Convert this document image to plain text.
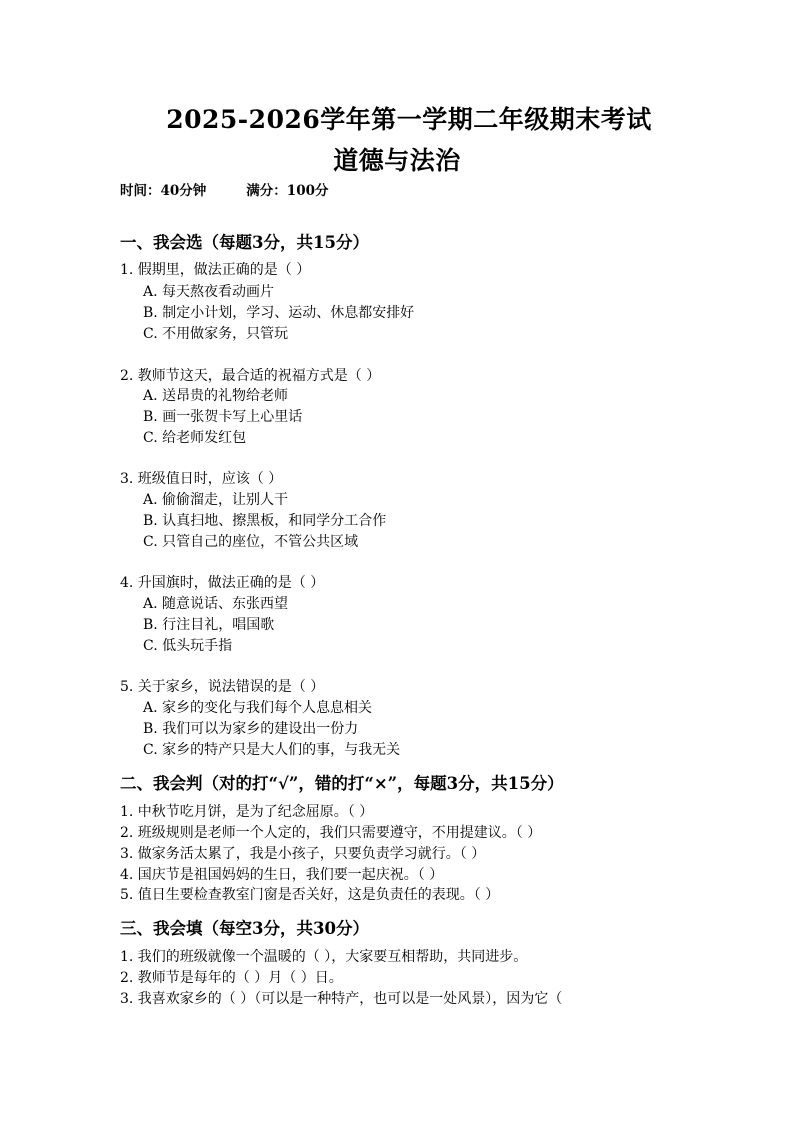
2025-2026学年第一学期二年级期末考试
道德与法治
时间：40分钟	满分：100分
一、我会选（每题3分，共15分）
1. 假期里，做法正确的是（ ）
A. 每天熬夜看动画片
B. 制定小计划，学习、运动、休息都安排好
C. 不用做家务，只管玩
2. 教师节这天，最合适的祝福方式是（ ）
A. 送昂贵的礼物给老师
B. 画一张贺卡写上心里话
C. 给老师发红包
3. 班级值日时，应该（ ）
A. 偷偷溜走，让别人干
B. 认真扫地、擦黑板，和同学分工合作
C. 只管自己的座位，不管公共区域
4. 升国旗时，做法正确的是（ ）
A. 随意说话、东张西望
B. 行注目礼，唱国歌
C. 低头玩手指
5. 关于家乡，说法错误的是（ ）
A. 家乡的变化与我们每个人息息相关
B. 我们可以为家乡的建设出一份力
C. 家乡的特产只是大人们的事，与我无关
二、我会判（对的打“√”，错的打“×”，每题3分，共15分）
1. 中秋节吃月饼，是为了纪念屈原。（ ）
2. 班级规则是老师一个人定的，我们只需要遵守，不用提建议。（ ）
3. 做家务活太累了，我是小孩子，只要负责学习就行。（ ）
4. 国庆节是祖国妈妈的生日，我们要一起庆祝。（ ）
5. 值日生要检查教室门窗是否关好，这是负责任的表现。（ ）
三、我会填（每空3分，共30分）
1. 我们的班级就像一个温暖的（ ），大家要互相帮助，共同进步。
2. 教师节是每年的（ ）月（ ）日。
3. 我喜欢家乡的（ ）（可以是一种特产，也可以是一处风景），因为它（
